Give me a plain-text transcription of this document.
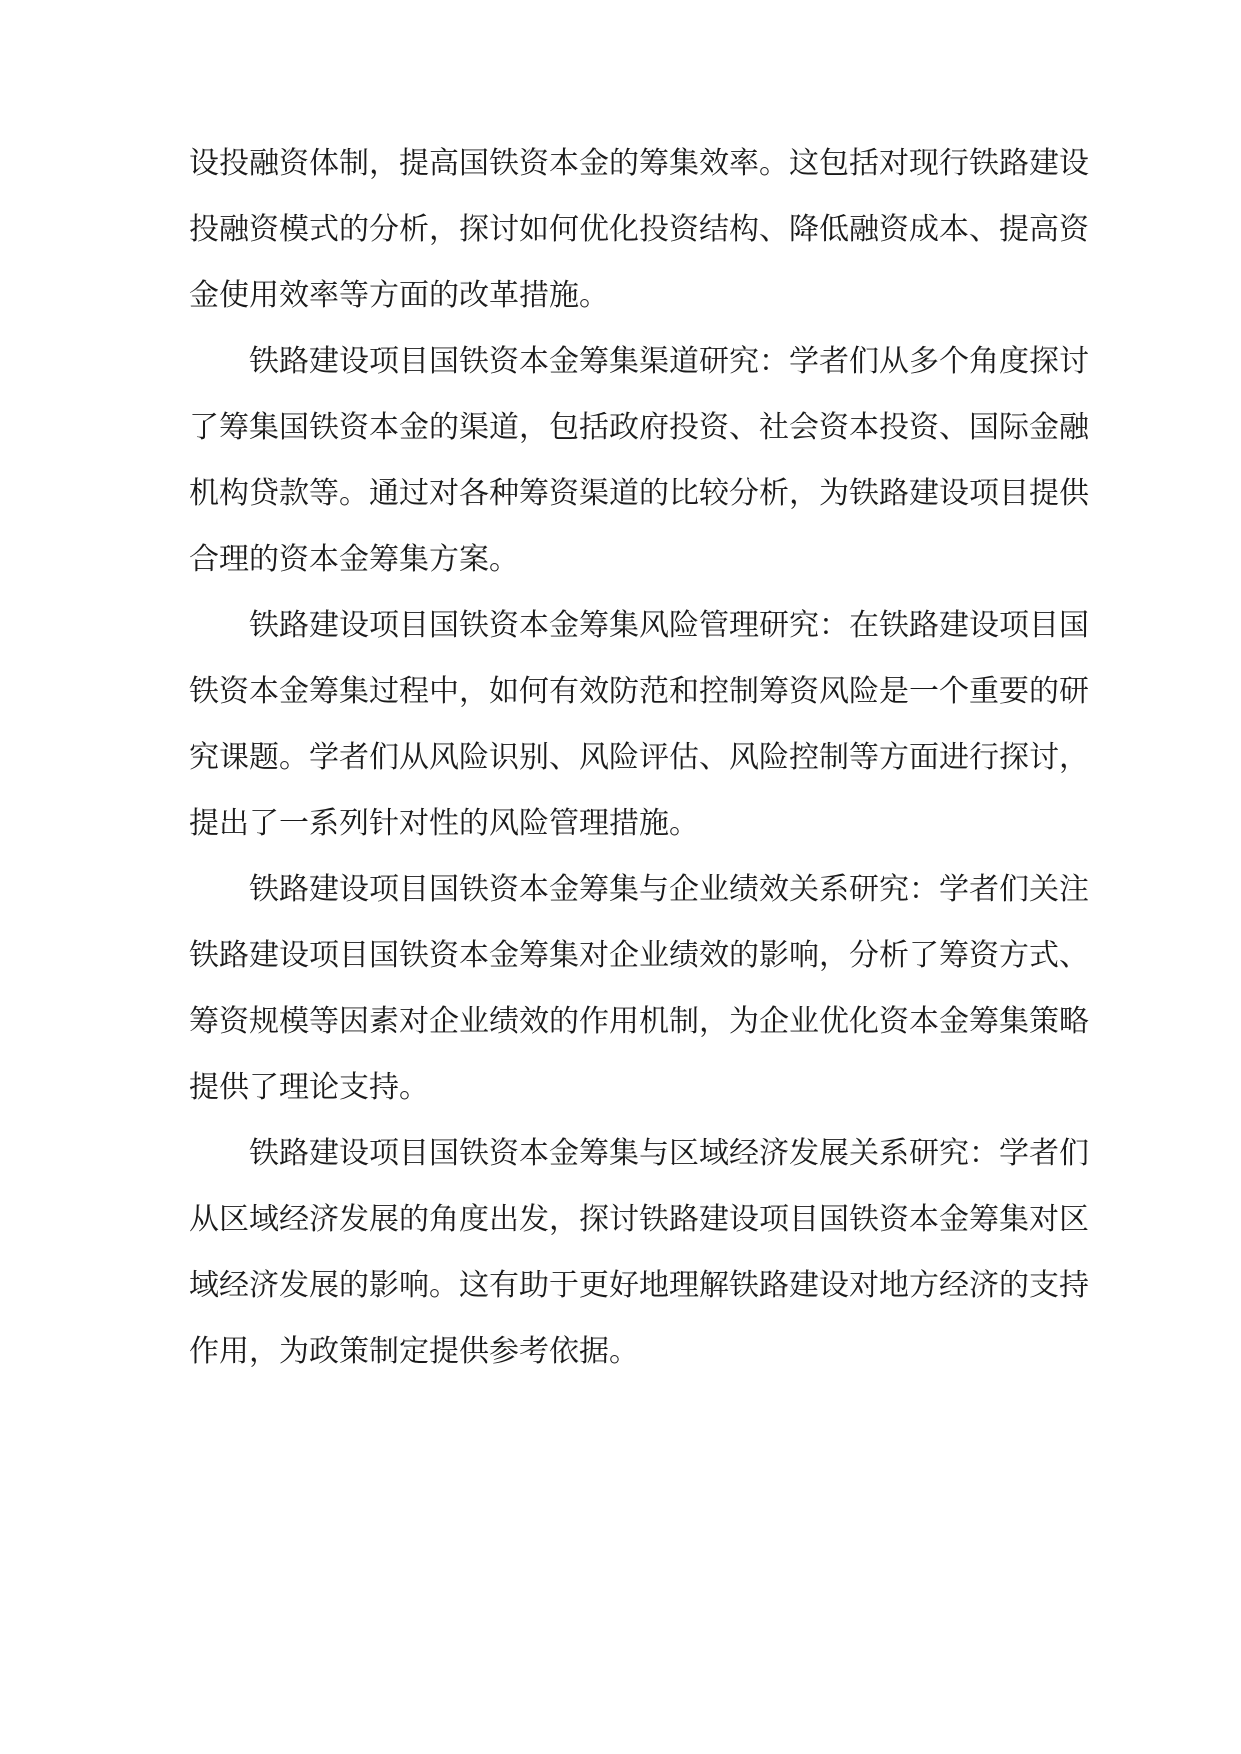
设投融资体制，提高国铁资本金的筹集效率。这包括对现行铁路建设
投融资模式的分析，探讨如何优化投资结构、降低融资成本、提高资
金使用效率等方面的改革措施。
铁路建设项目国铁资本金筹集渠道研究：学者们从多个角度探讨
了筹集国铁资本金的渠道，包括政府投资、社会资本投资、国际金融
机构贷款等。通过对各种筹资渠道的比较分析，为铁路建设项目提供
合理的资本金筹集方案。
铁路建设项目国铁资本金筹集风险管理研究：在铁路建设项目国
铁资本金筹集过程中，如何有效防范和控制筹资风险是一个重要的研
究课题。学者们从风险识别、风险评估、风险控制等方面进行探讨，
提出了一系列针对性的风险管理措施。
铁路建设项目国铁资本金筹集与企业绩效关系研究：学者们关注
铁路建设项目国铁资本金筹集对企业绩效的影响，分析了筹资方式、
筹资规模等因素对企业绩效的作用机制，为企业优化资本金筹集策略
提供了理论支持。
铁路建设项目国铁资本金筹集与区域经济发展关系研究：学者们
从区域经济发展的角度出发，探讨铁路建设项目国铁资本金筹集对区
域经济发展的影响。这有助于更好地理解铁路建设对地方经济的支持
作用，为政策制定提供参考依据。
